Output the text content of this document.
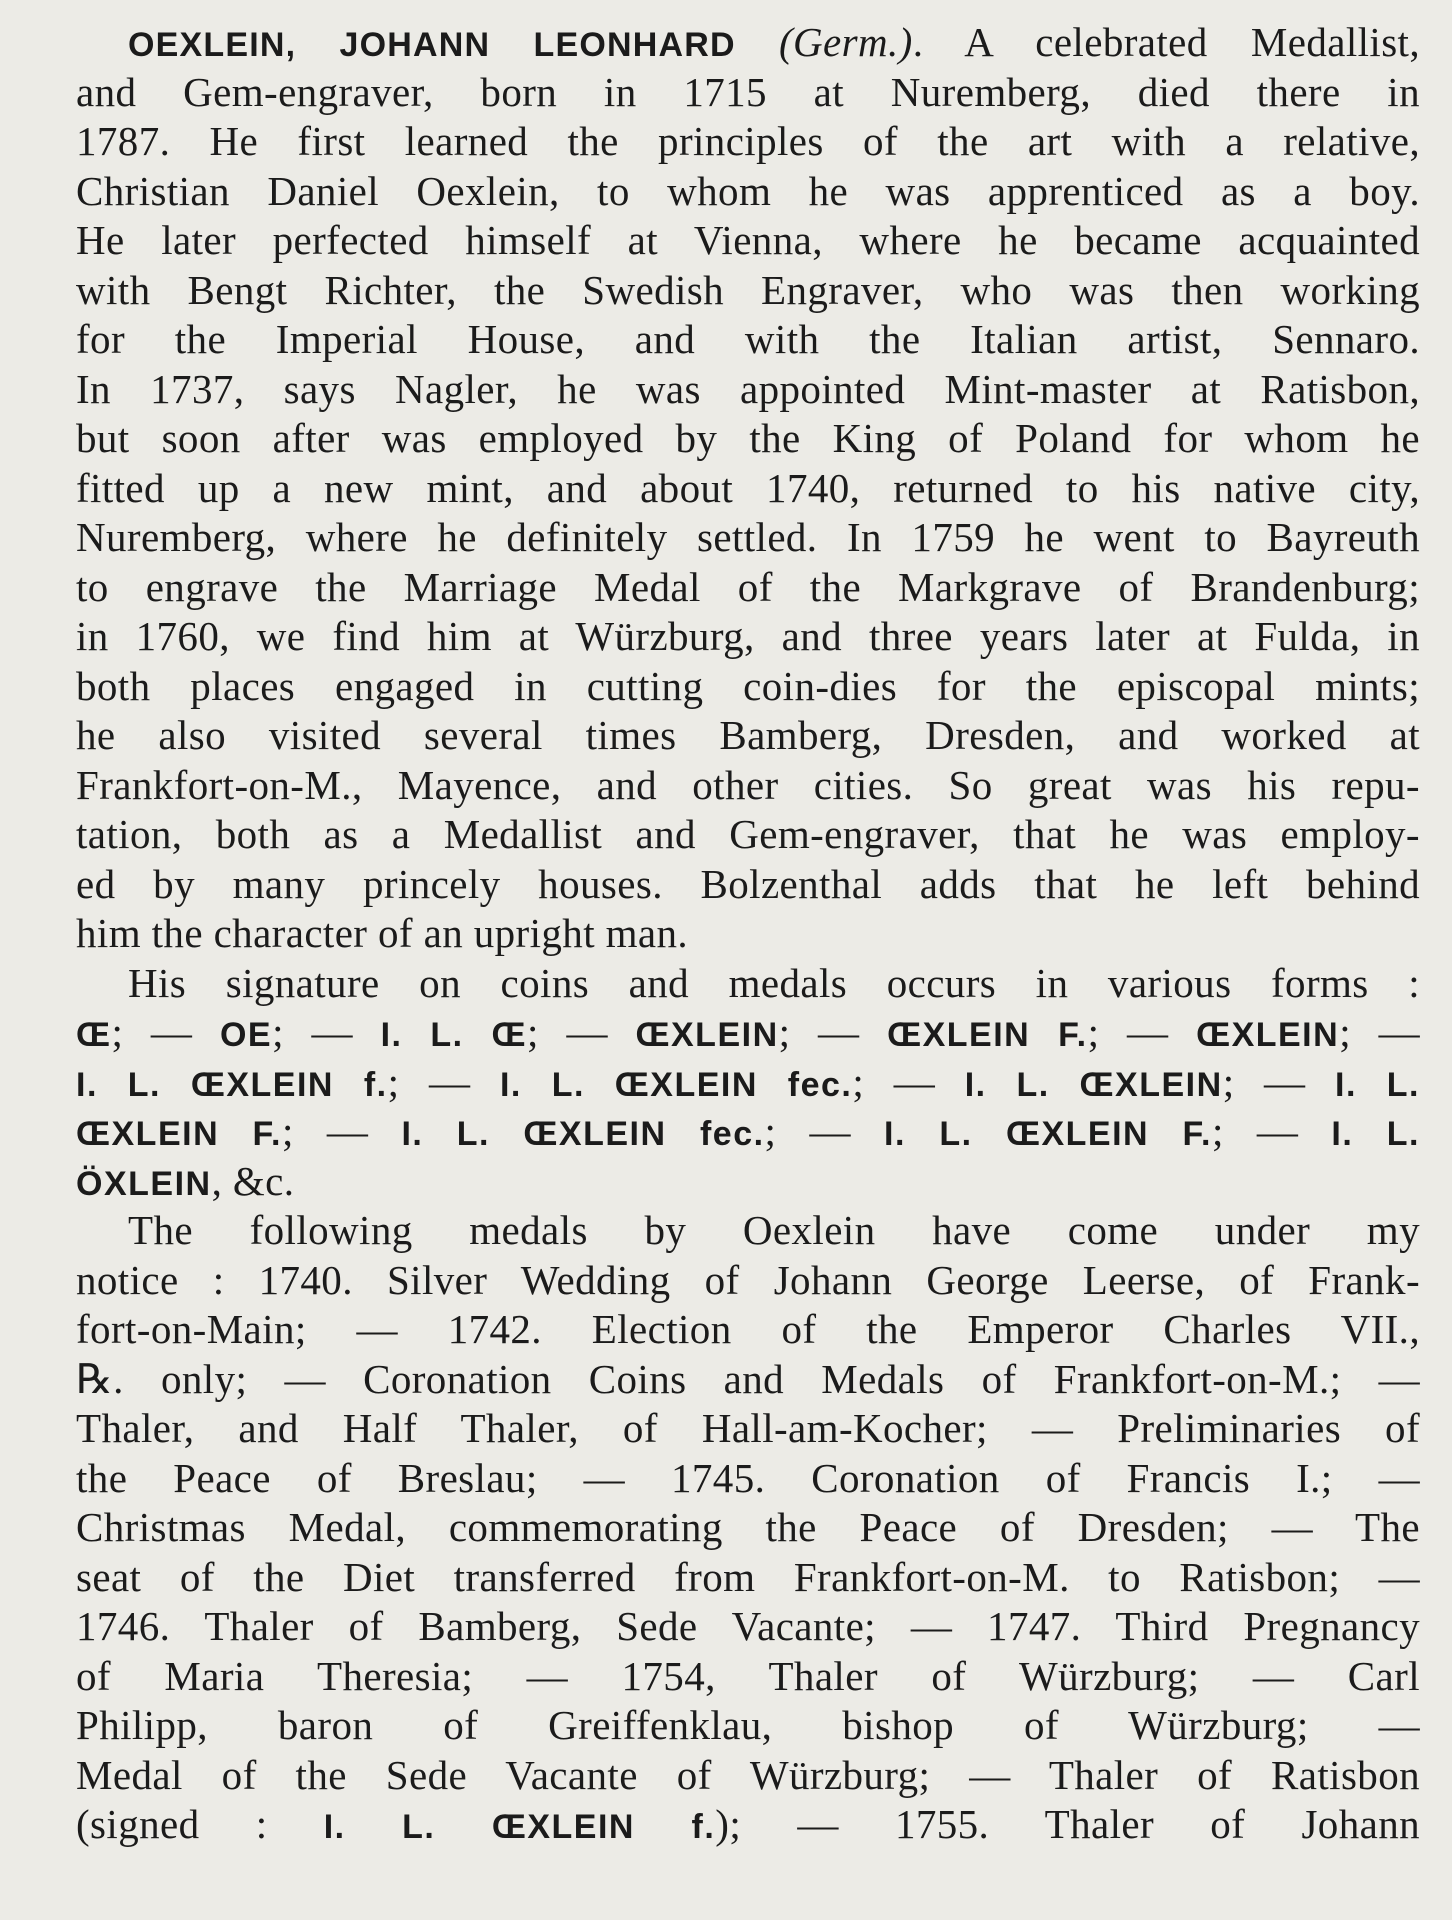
OEXLEIN, JOHANN LEONHARD (Germ.). A celebrated Medallist,
and Gem-engraver, born in 1715 at Nuremberg, died there in
1787. He first learned the principles of the art with a relative,
Christian Daniel Oexlein, to whom he was apprenticed as a boy.
He later perfected himself at Vienna, where he became acquainted
with Bengt Richter, the Swedish Engraver, who was then working
for the Imperial House, and with the Italian artist, Sennaro.
In 1737, says Nagler, he was appointed Mint-master at Ratisbon,
but soon after was employed by the King of Poland for whom he
fitted up a new mint, and about 1740, returned to his native city,
Nuremberg, where he definitely settled. In 1759 he went to Bayreuth
to engrave the Marriage Medal of the Markgrave of Brandenburg;
in 1760, we find him at Würzburg, and three years later at Fulda, in
both places engaged in cutting coin-dies for the episcopal mints;
he also visited several times Bamberg, Dresden, and worked at
Frankfort-on-M., Mayence, and other cities. So great was his repu-
tation, both as a Medallist and Gem-engraver, that he was employ-
ed by many princely houses. Bolzenthal adds that he left behind
him the character of an upright man.
His signature on coins and medals occurs in various forms :
Œ; — OE; — I. L. Œ; — ŒXLEIN; — ŒXLEIN F.; — ŒXLEIN; —
I. L. ŒXLEIN f.; — I. L. ŒXLEIN fec.; — I. L. ŒXLEIN; — I. L.
ŒXLEIN F.; — I. L. ŒXLEIN fec.; — I. L. ŒXLEIN F.; — I. L.
ÖXLEIN, &c.
The following medals by Oexlein have come under my
notice : 1740. Silver Wedding of Johann George Leerse, of Frank-
fort-on-Main; — 1742. Election of the Emperor Charles VII.,
℞. only; — Coronation Coins and Medals of Frankfort-on-M.; —
Thaler, and Half Thaler, of Hall-am-Kocher; — Preliminaries of
the Peace of Breslau; — 1745. Coronation of Francis I.; —
Christmas Medal, commemorating the Peace of Dresden; — The
seat of the Diet transferred from Frankfort-on-M. to Ratisbon; —
1746. Thaler of Bamberg, Sede Vacante; — 1747. Third Pregnancy
of Maria Theresia; — 1754, Thaler of Würzburg; — Carl
Philipp, baron of Greiffenklau, bishop of Würzburg; —
Medal of the Sede Vacante of Würzburg; — Thaler of Ratisbon
(signed : I. L. ŒXLEIN f.); — 1755. Thaler of Johann
